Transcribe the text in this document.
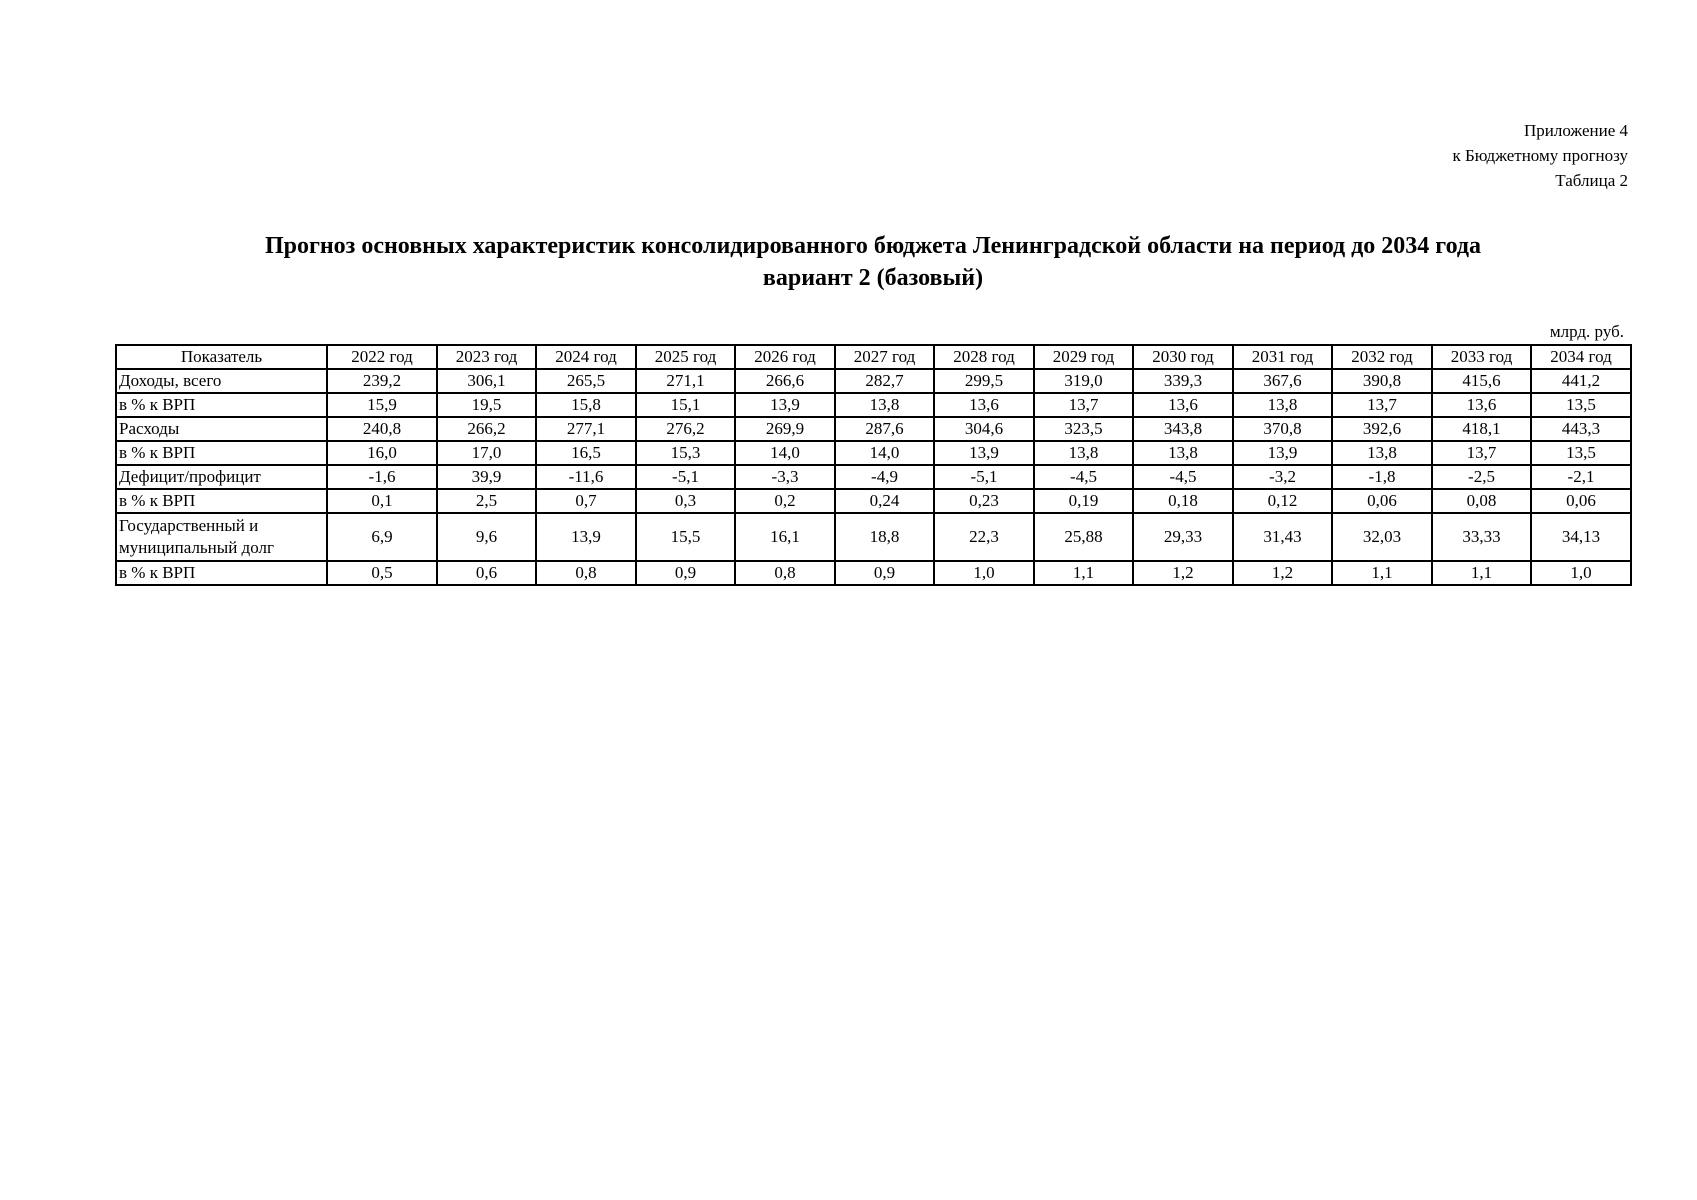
Приложение 4
к Бюджетному прогнозу
Таблица 2
Прогноз основных характеристик консолидированного бюджета Ленинградской области на период до 2034 года
вариант 2 (базовый)
млрд. руб.
Показатель	2022 год	2023 год	2024 год	2025 год	2026 год	2027 год	2028 год	2029 год	2030 год	2031 год	2032 год	2033 год	2034 год
Доходы, всего	239,2	306,1	265,5	271,1	266,6	282,7	299,5	319,0	339,3	367,6	390,8	415,6	441,2
в % к ВРП	15,9	19,5	15,8	15,1	13,9	13,8	13,6	13,7	13,6	13,8	13,7	13,6	13,5
Расходы	240,8	266,2	277,1	276,2	269,9	287,6	304,6	323,5	343,8	370,8	392,6	418,1	443,3
в % к ВРП	16,0	17,0	16,5	15,3	14,0	14,0	13,9	13,8	13,8	13,9	13,8	13,7	13,5
Дефицит/профицит	-1,6	39,9	-11,6	-5,1	-3,3	-4,9	-5,1	-4,5	-4,5	-3,2	-1,8	-2,5	-2,1
в % к ВРП	0,1	2,5	0,7	0,3	0,2	0,24	0,23	0,19	0,18	0,12	0,06	0,08	0,06
Государственный и муниципальный долг	6,9	9,6	13,9	15,5	16,1	18,8	22,3	25,88	29,33	31,43	32,03	33,33	34,13
в % к ВРП	0,5	0,6	0,8	0,9	0,8	0,9	1,0	1,1	1,2	1,2	1,1	1,1	1,0
